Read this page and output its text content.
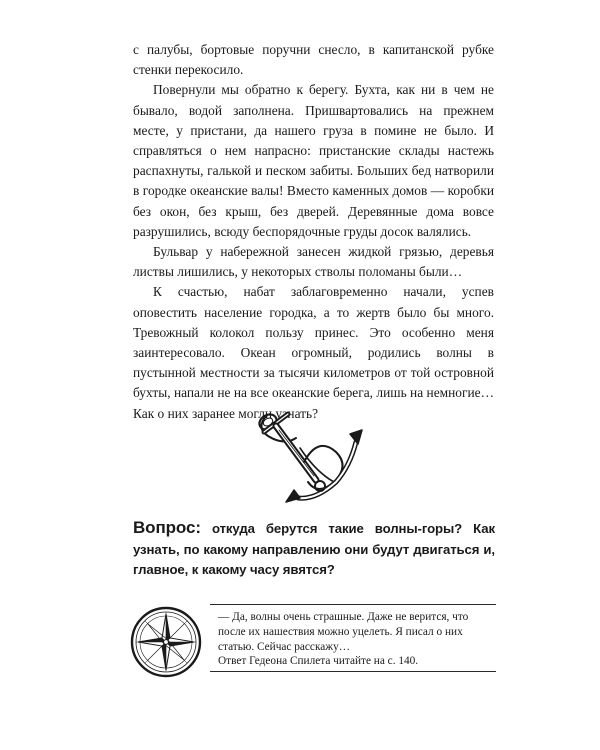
с палубы, бортовые поручни снесло, в капитанской рубке стенки перекосило.

Повернули мы обратно к берегу. Бухта, как ни в чем не бывало, водой заполнена. Пришвартовались на прежнем месте, у пристани, да нашего груза в помине не было. И справляться о нем напрасно: пристанские склады настежь распахнуты, галькой и песком забиты. Больших бед натворили в городке океанские валы! Вместо каменных домов — коробки без окон, без крыш, без дверей. Деревянные дома вовсе разрушились, всюду беспорядочные груды досок валялись.

Бульвар у набережной занесен жидкой грязью, деревья листвы лишились, у некоторых стволы поломаны были…

К счастью, набат заблаговременно начали, успев оповестить население городка, а то жертв было бы много. Тревожный колокол пользу принес. Это особенно меня заинтересовало. Океан огромный, родились волны в пустынной местности за тысячи километров от той островной бухты, напали не на все океанские берега, лишь на немногие… Как о них заранее могли узнать?

Вопрос: откуда берутся такие волны-горы? Как узнать, по какому направлению они будут двигаться и, главное, к какому часу явятся?

— Да, волны очень страшные. Даже не верится, что после их нашествия можно уцелеть. Я писал о них статью. Сейчас расскажу…

Ответ Гедеона Спилета читайте на с. 140.
